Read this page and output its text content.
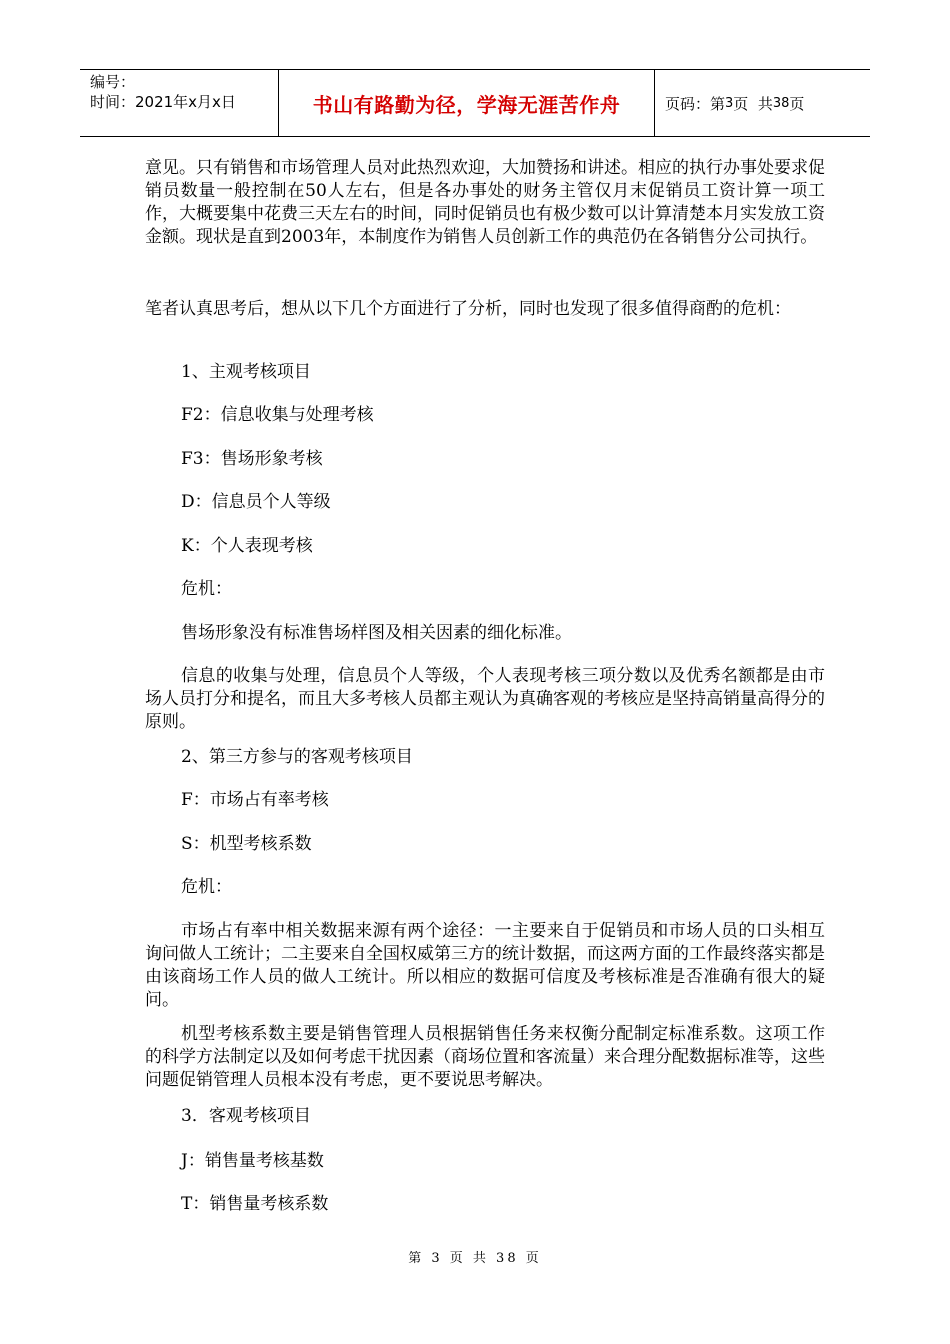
编号：
时间：2021年x月x日	书山有路勤为径，学海无涯苦作舟	页码：第 3 页  共 38 页
意见。只有销售和市场管理人员对此热烈欢迎，大加赞扬和讲述。相应的执行办事处要求促销员数量一般控制在50人左右，但是各办事处的财务主管仅月末促销员工资计算一项工作，大概要集中花费三天左右的时间，同时促销员也有极少数可以计算清楚本月实发放工资金额。现状是直到2003年，本制度作为销售人员创新工作的典范仍在各销售分公司执行。
笔者认真思考后，想从以下几个方面进行了分析，同时也发现了很多值得商酌的危机：
1、主观考核项目
F2：信息收集与处理考核
F3：售场形象考核
D：信息员个人等级
K：个人表现考核
危机：
售场形象没有标准售场样图及相关因素的细化标准。
信息的收集与处理，信息员个人等级，个人表现考核三项分数以及优秀名额都是由市场人员打分和提名，而且大多考核人员都主观认为真确客观的考核应是坚持高销量高得分的原则。
2、第三方参与的客观考核项目
F：市场占有率考核
S：机型考核系数
危机：
市场占有率中相关数据来源有两个途径：一主要来自于促销员和市场人员的口头相互询问做人工统计；二主要来自全国权威第三方的统计数据，而这两方面的工作最终落实都是由该商场工作人员的做人工统计。所以相应的数据可信度及考核标准是否准确有很大的疑问。
机型考核系数主要是销售管理人员根据销售任务来权衡分配制定标准系数。这项工作的科学方法制定以及如何考虑干扰因素（商场位置和客流量）来合理分配数据标准等，这些问题促销管理人员根本没有考虑，更不要说思考解决。
3．客观考核项目
J：销售量考核基数
T：销售量考核系数
第 3 页 共 38 页
